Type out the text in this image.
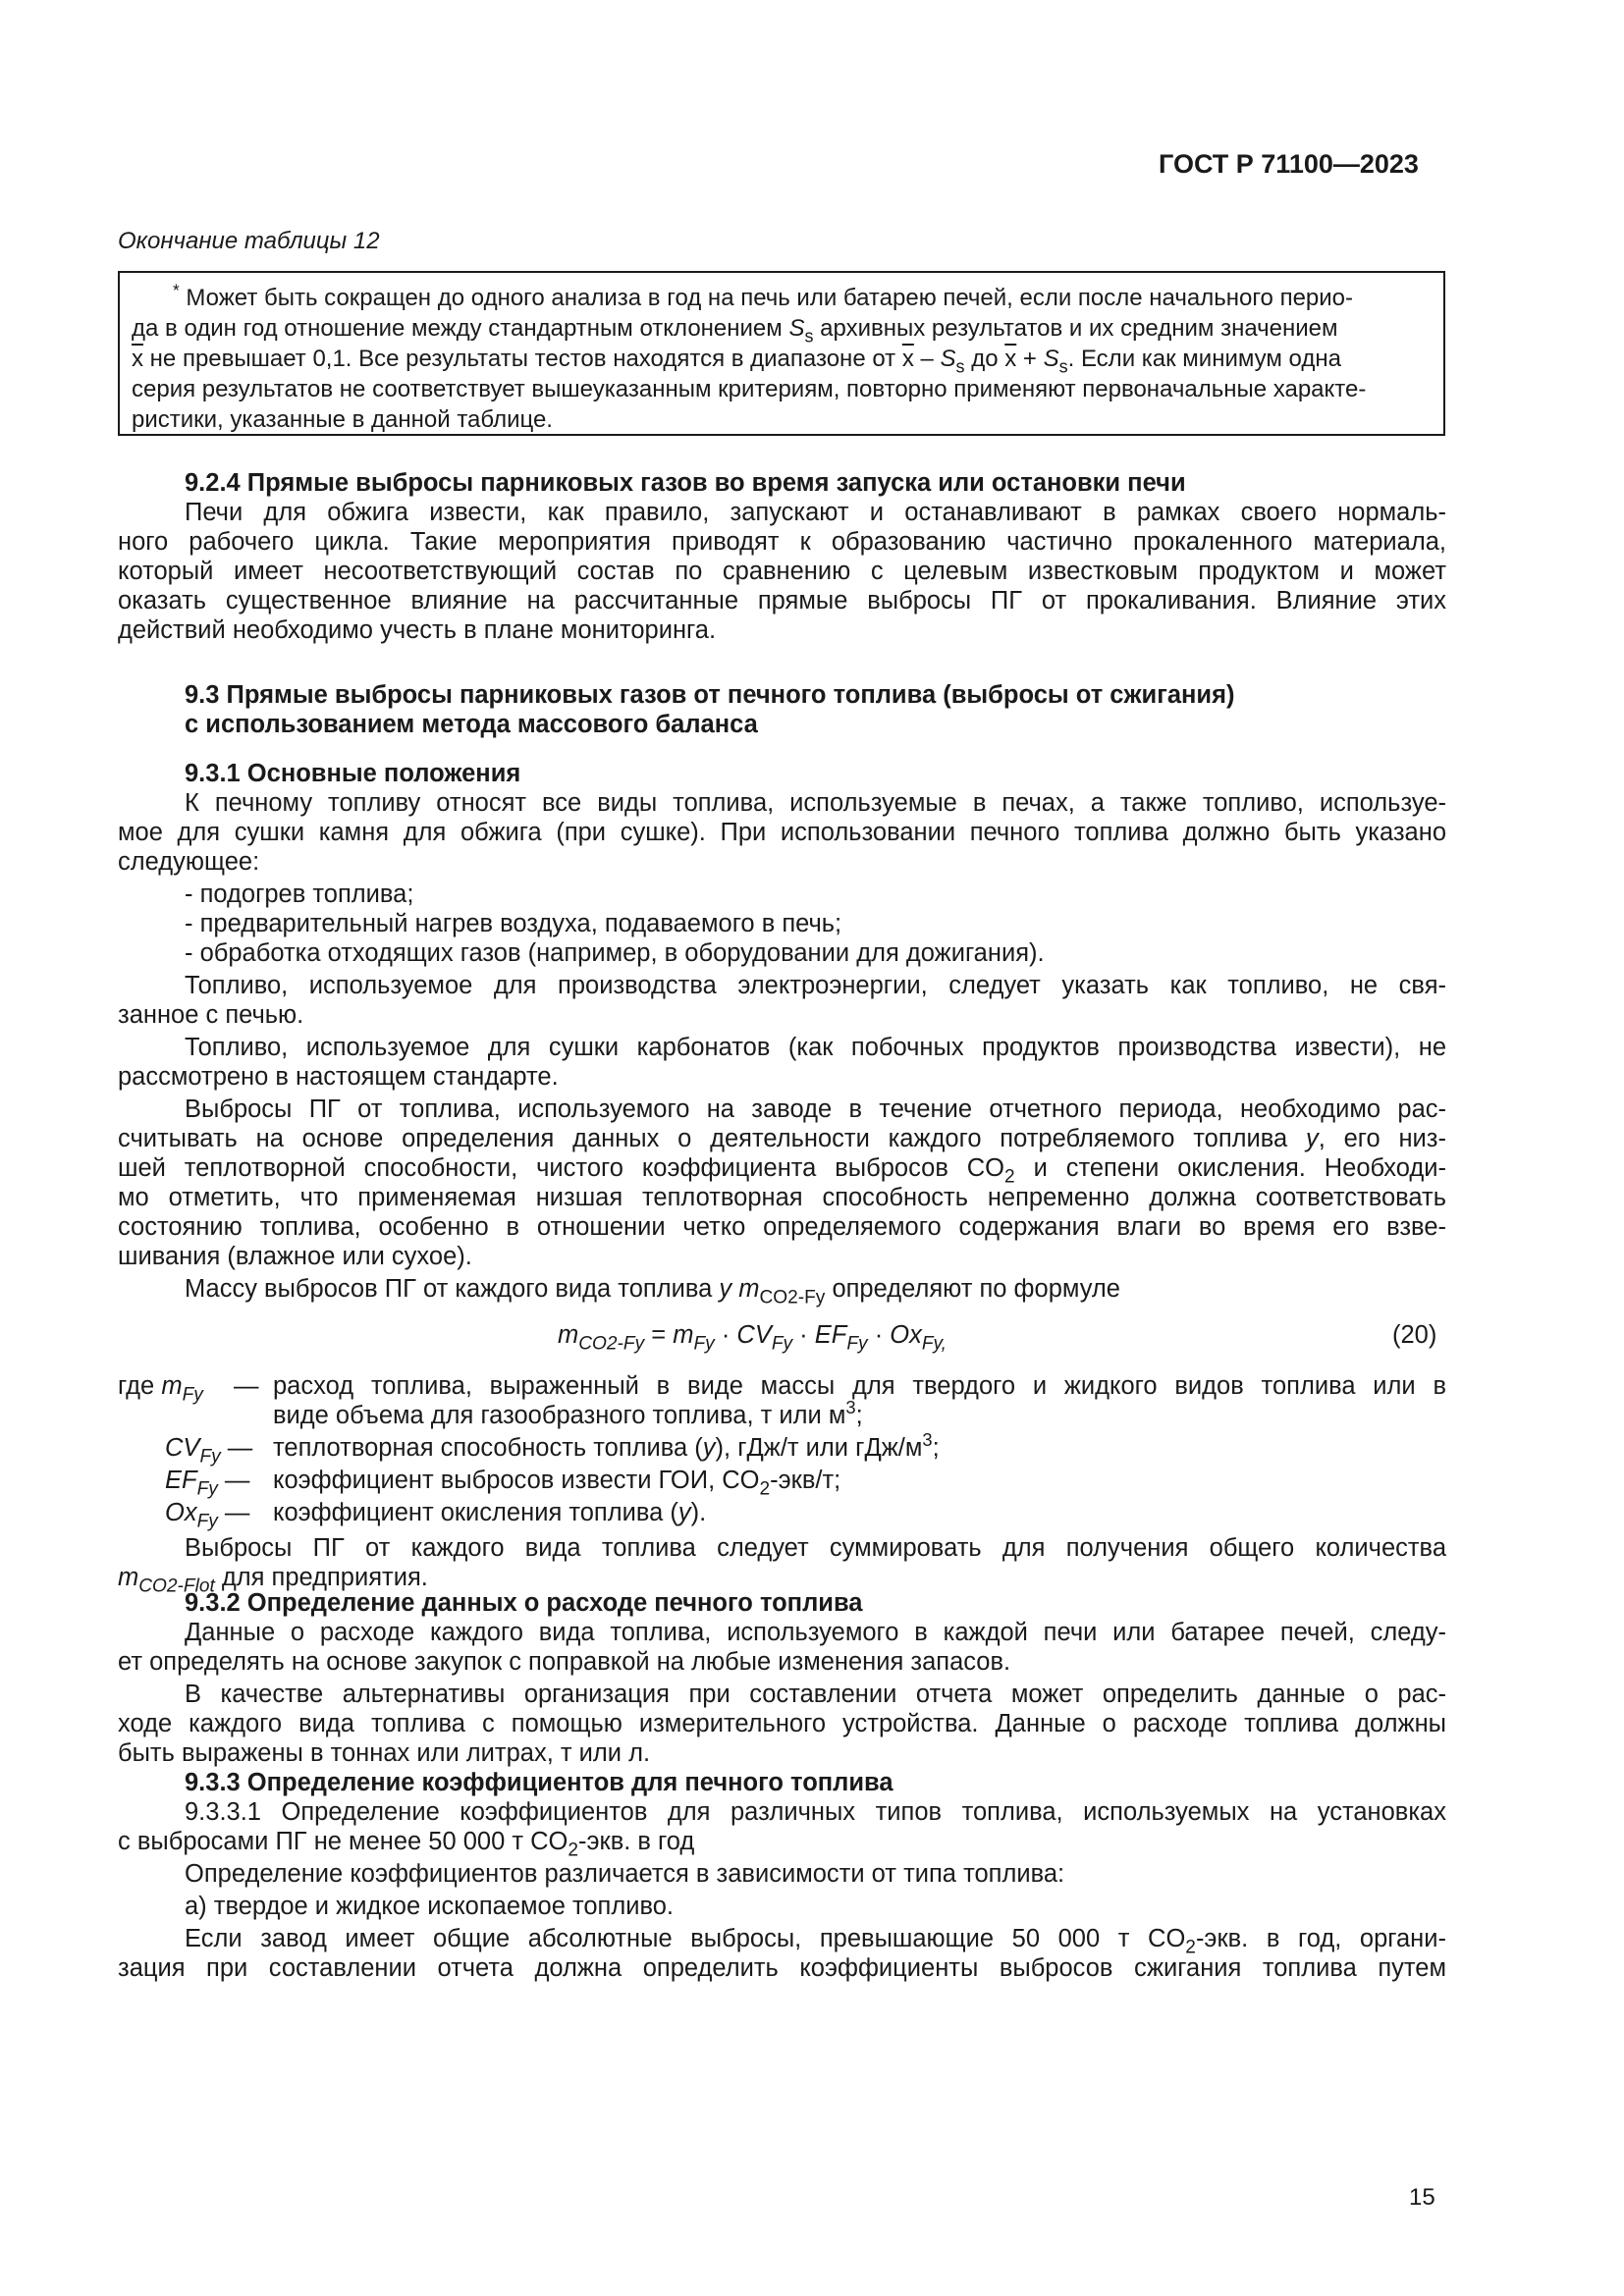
ГОСТ Р 71100—2023
Окончание таблицы 12
* Может быть сокращен до одного анализа в год на печь или батарею печей, если после начального перио-
да в один год отношение между стандартным отклонением $S_s$ архивных результатов и их средним значением
$\overline{x}$ не превышает 0,1. Все результаты тестов находятся в диапазоне от $\overline{x} - S_s$ до $\overline{x} + S_s$. Если как минимум одна
серия результатов не соответствует вышеуказанным критериям, повторно применяют первоначальные характе-
ристики, указанные в данной таблице.
9.2.4 Прямые выбросы парниковых газов во время запуска или остановки печи
Печи для обжига извести, как правило, запускают и останавливают в рамках своего нормаль-
ного рабочего цикла. Такие мероприятия приводят к образованию частично прокаленного материала,
который имеет несоответствующий состав по сравнению с целевым известковым продуктом и может
оказать существенное влияние на рассчитанные прямые выбросы ПГ от прокаливания. Влияние этих
действий необходимо учесть в плане мониторинга.
9.3 Прямые выбросы парниковых газов от печного топлива (выбросы от сжигания)
с использованием метода массового баланса
9.3.1 Основные положения
К печному топливу относят все виды топлива, используемые в печах, а также топливо, используе-
мое для сушки камня для обжига (при сушке). При использовании печного топлива должно быть указано
следующее:
- подогрев топлива;
- предварительный нагрев воздуха, подаваемого в печь;
- обработка отходящих газов (например, в оборудовании для дожигания).
Топливо, используемое для производства электроэнергии, следует указать как топливо, не свя-
занное с печью.
Топливо, используемое для сушки карбонатов (как побочных продуктов производства извести), не
рассмотрено в настоящем стандарте.
Выбросы ПГ от топлива, используемого на заводе в течение отчетного периода, необходимо рас-
считывать на основе определения данных о деятельности каждого потребляемого топлива y, его низ-
шей теплотворной способности, чистого коэффициента выбросов $CO_2$ и степени окисления. Необходи-
мо отметить, что применяемая низшая теплотворная способность непременно должна соответствовать
состоянию топлива, особенно в отношении четко определяемого содержания влаги во время его взве-
шивания (влажное или сухое).
Массу выбросов ПГ от каждого вида топлива y $m_{CO2-Fy}$ определяют по формуле
$m_{CO2-Fy} = m_{Fy} \cdot CV_{Fy} \cdot EF_{Fy} \cdot Ox_{Fy,}$	(20)
где $m_{Fy}$ — расход топлива, выраженный в виде массы для твердого и жидкого видов топлива или в
виде объема для газообразного топлива, т или $м^3$;
$CV_{Fy}$ — теплотворная способность топлива (y), гДж/т или гДж/$м^3$;
$EF_{Fy}$ — коэффициент выбросов извести ГОИ, $CO_2-экв/т$;
$Ox_{Fy}$ — коэффициент окисления топлива (y).
Выбросы ПГ от каждого вида топлива следует суммировать для получения общего количества
$m_{CO2-Flot}$ для предприятия.
9.3.2 Определение данных о расходе печного топлива
Данные о расходе каждого вида топлива, используемого в каждой печи или батарее печей, следу-
ет определять на основе закупок с поправкой на любые изменения запасов.
В качестве альтернативы организация при составлении отчета может определить данные о рас-
ходе каждого вида топлива с помощью измерительного устройства. Данные о расходе топлива должны
быть выражены в тоннах или литрах, т или л.
9.3.3 Определение коэффициентов для печного топлива
9.3.3.1 Определение коэффициентов для различных типов топлива, используемых на установках
с выбросами ПГ не менее 50 000 т $CO_2$-экв. в год
Определение коэффициентов различается в зависимости от типа топлива:
а) твердое и жидкое ископаемое топливо.
Если завод имеет общие абсолютные выбросы, превышающие 50 000 т $CO_2$-экв. в год, органи-
зация при составлении отчета должна определить коэффициенты выбросов сжигания топлива путем
15
